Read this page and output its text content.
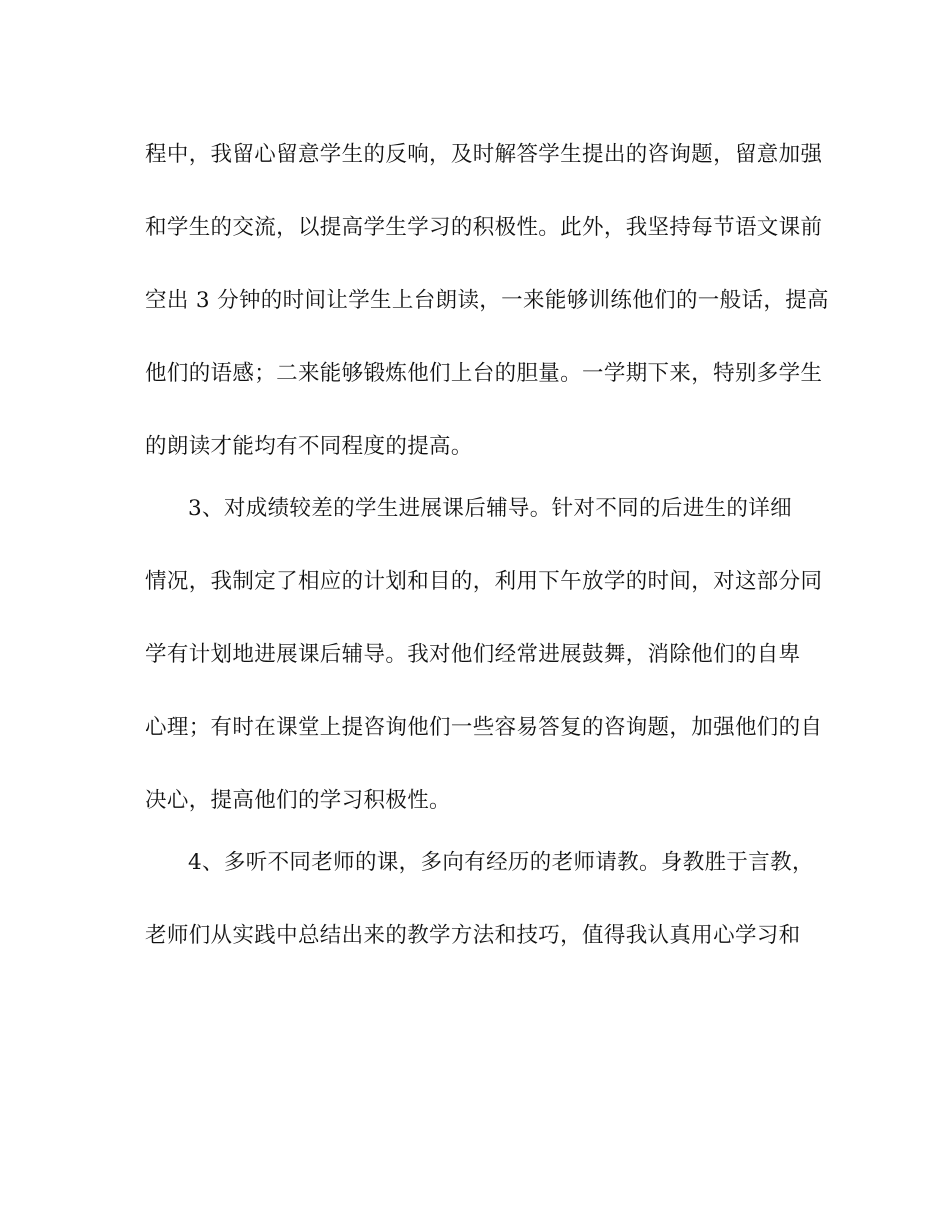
程中，我留心留意学生的反响，及时解答学生提出的咨询题，留意加强
和学生的交流，以提高学生学习的积极性。此外，我坚持每节语文课前
空出 3 分钟的时间让学生上台朗读，一来能够训练他们的一般话，提高
他们的语感；二来能够锻炼他们上台的胆量。一学期下来，特别多学生
的朗读才能均有不同程度的提高。
3、对成绩较差的学生进展课后辅导。针对不同的后进生的详细
情况，我制定了相应的计划和目的，利用下午放学的时间，对这部分同
学有计划地进展课后辅导。我对他们经常进展鼓舞，消除他们的自卑
心理；有时在课堂上提咨询他们一些容易答复的咨询题，加强他们的自
决心，提高他们的学习积极性。
4、多听不同老师的课，多向有经历的老师请教。身教胜于言教，
老师们从实践中总结出来的教学方法和技巧，值得我认真用心学习和
